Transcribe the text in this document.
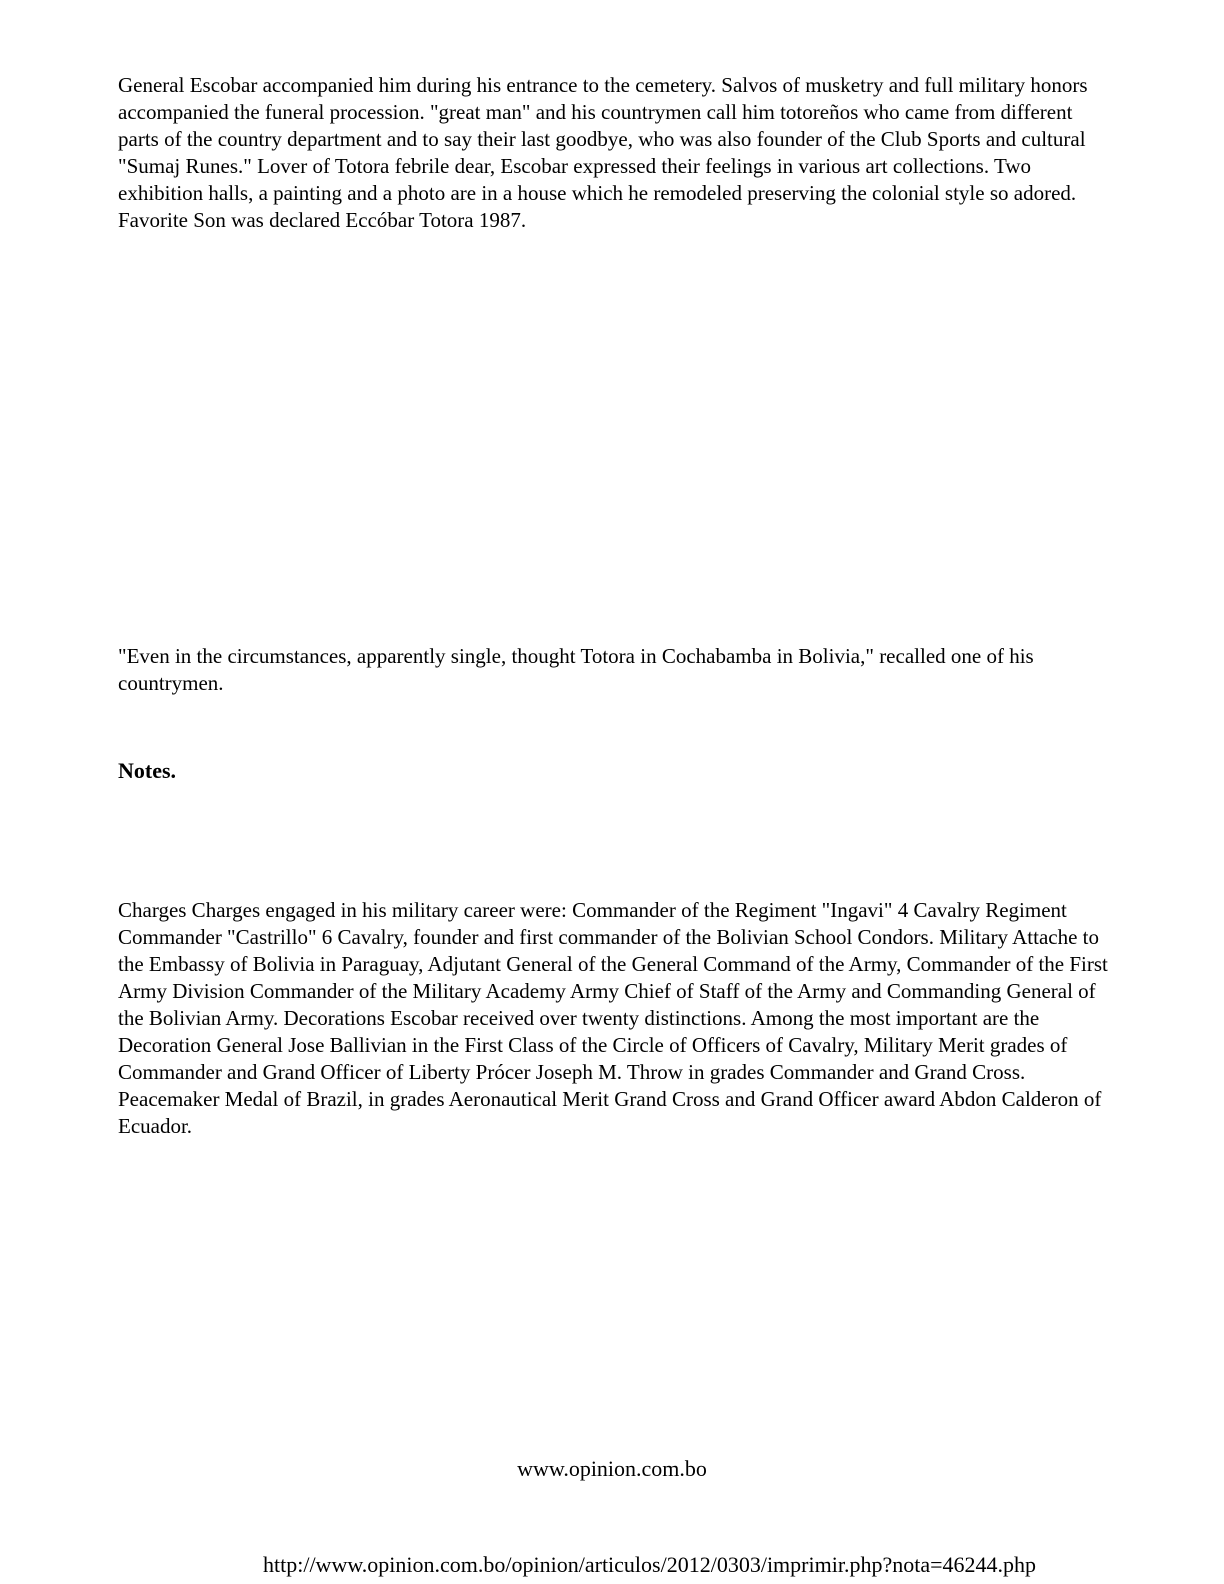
General Escobar accompanied him during his entrance to the cemetery. Salvos of musketry and full military honors accompanied the funeral procession. "great man" and his countrymen call him totoreños who came from different parts of the country department and to say their last goodbye, who was also founder of the Club Sports and cultural "Sumaj Runes." Lover of Totora febrile dear, Escobar expressed their feelings in various art collections. Two exhibition halls, a painting and a photo are in a house which he remodeled preserving the colonial style so adored. Favorite Son was declared Eccóbar Totora 1987.

"Even in the circumstances, apparently single, thought Totora in Cochabamba in Bolivia," recalled one of his countrymen.

Notes.

Charges Charges engaged in his military career were: Commander of the Regiment "Ingavi" 4 Cavalry Regiment Commander "Castrillo" 6 Cavalry, founder and first commander of the Bolivian School Condors. Military Attache to the Embassy of Bolivia in Paraguay, Adjutant General of the General Command of the Army, Commander of the First Army Division Commander of the Military Academy Army Chief of Staff of the Army and Commanding General of the Bolivian Army. Decorations Escobar received over twenty distinctions. Among the most important are the Decoration General Jose Ballivian in the First Class of the Circle of Officers of Cavalry, Military Merit grades of Commander and Grand Officer of Liberty Prócer Joseph M. Throw in grades Commander and Grand Cross. Peacemaker Medal of Brazil, in grades Aeronautical Merit Grand Cross and Grand Officer award Abdon Calderon of Ecuador.

www.opinion.com.bo
http://www.opinion.com.bo/opinion/articulos/2012/0303/imprimir.php?nota=46244.php
